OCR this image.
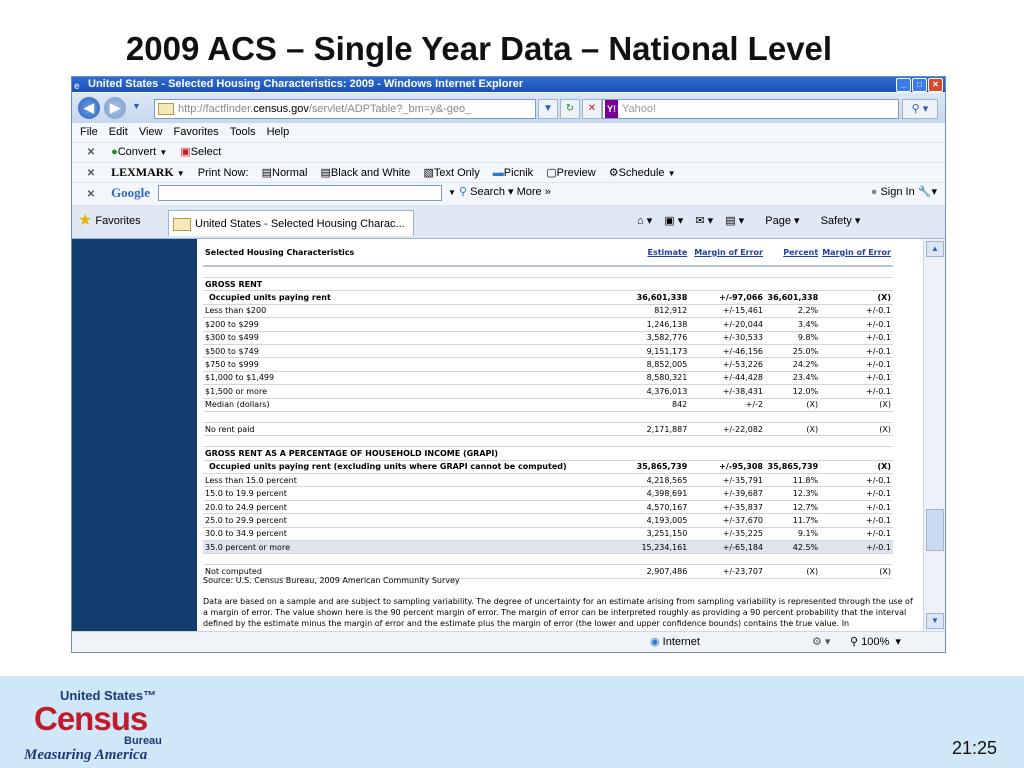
2009 ACS – Single Year Data – National Level
e United States - Selected Housing Characteristics: 2009 - Windows Internet Explorer	_	□	✕
◀	▶	▼	http://factfinder.census.gov/servlet/ADPTable?_bm=y&-geo_	▼	↻	✕	Y! Yahoo!	⚲ ▾
File Edit View Favorites Tools Help
✕ ●Convert ▼ ▣Select
✕ LEXMARK ▼ Print Now: ▤Normal ▤Black and White ▧Text Only ▬Picnik ▢Preview ⚙Schedule ▼
✕ Google	▼ ⚲ Search ▾ More »	● Sign In 🔧▾
★ Favorites	United States - Selected Housing Charac...	⌂ ▾ ▣ ▾ ✉ ▾ ▤ ▾ Page ▾ Safety ▾
Selected Housing Characteristics	Estimate	Margin of Error	Percent	Margin of Error

GROSS RENT				
Occupied units paying rent	36,601,338	+/-97,066	36,601,338	(X)
Less than $200	812,912	+/-15,461	2.2%	+/-0.1
$200 to $299	1,246,138	+/-20,044	3.4%	+/-0.1
$300 to $499	3,582,776	+/-30,533	9.8%	+/-0.1
$500 to $749	9,151,173	+/-46,156	25.0%	+/-0.1
$750 to $999	8,852,005	+/-53,226	24.2%	+/-0.1
$1,000 to $1,499	8,580,321	+/-44,428	23.4%	+/-0.1
$1,500 or more	4,376,013	+/-38,431	12.0%	+/-0.1
Median (dollars)	842	+/-2	(X)	(X)

No rent paid	2,171,887	+/-22,082	(X)	(X)

GROSS RENT AS A PERCENTAGE OF HOUSEHOLD INCOME (GRAPI)				
Occupied units paying rent (excluding units where GRAPI cannot be computed)	35,865,739	+/-95,308	35,865,739	(X)
Less than 15.0 percent	4,218,565	+/-35,791	11.8%	+/-0.1
15.0 to 19.9 percent	4,398,691	+/-39,687	12.3%	+/-0.1
20.0 to 24.9 percent	4,570,167	+/-35,837	12.7%	+/-0.1
25.0 to 29.9 percent	4,193,005	+/-37,670	11.7%	+/-0.1
30.0 to 34.9 percent	3,251,150	+/-35,225	9.1%	+/-0.1
35.0 percent or more	15,234,161	+/-65,184	42.5%	+/-0.1

Not computed	2,907,486	+/-23,707	(X)	(X)
Source: U.S. Census Bureau, 2009 American Community Survey
Data are based on a sample and are subject to sampling variability. The degree of uncertainty for an estimate arising from sampling variability is represented through the use of a margin of error. The value shown here is the 90 percent margin of error. The margin of error can be interpreted roughly as providing a 90 percent probability that the interval defined by the estimate minus the margin of error and the estimate plus the margin of error (the lower and upper confidence bounds) contains the true value. In
▲
▼
◉ Internet	⚙ ▾ ⚲ 100%  ▾
United States™
Census
Bureau
Measuring America	21:25
